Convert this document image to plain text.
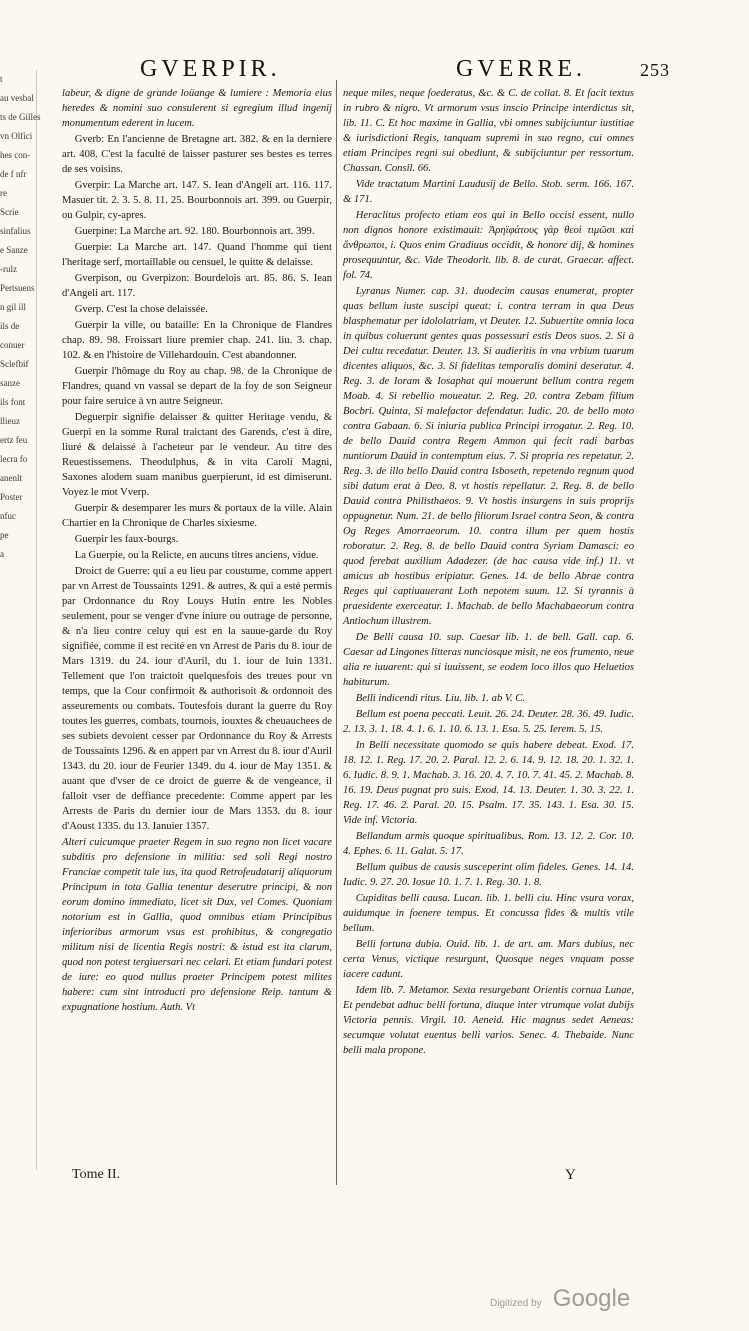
t
au vesbal
ts de Gilles
vn Olfici
hes con-
de f nfr
re
Scrie
sinfalius
e Sanze
-rulz
Pertsuens
n gil ill
ils de
conuer
Sclefbif
sanze
ils font
llieuz
ertz feu
lecra fo
anenlt
Poster
nfuc
pe
a
GVERPIR.	GVERRE.	253

labeur, & digne de grande loüange & lumiere : Memoria eius heredes & nomini suo consulerent si egregium illud ingenij monumentum ederent in lucem.

Gverb: En l'ancienne de Bretagne art. 382. & en la derniere art. 408. C'est la faculté de laisser pasturer ses bestes es terres de ses voisins.

Gverpir: La Marche art. 147. S. Iean d'Angeli art. 116. 117. Masuer tit. 2. 3. 5. 8. 11. 25. Bourbonnois art. 399. ou Guerpir, ou Gulpir, cy-apres.

Guerpine: La Marche art. 92. 180. Bourbonnois art. 399.

Guerpie: La Marche art. 147. Quand l'homme qui tient l'heritage serf, mortaillable ou censuel, le quitte & delaisse.

Gverpison, ou Gverpizon: Bourdelois art. 85. 86. S. Iean d'Angeli art. 117.

Gverp. C'est la chose delaissée.

Guerpir la ville, ou bataille: En la Chronique de Flandres chap. 89. 98. Froissart liure premier chap. 241. liu. 3. chap. 102. & en l'histoire de Villehardouin. C'est abandonner.

Guerpir l'hômage du Roy au chap. 98. de la Chronique de Flandres, quand vn vassal se depart de la foy de son Seigneur pour faire seruice à vn autre Seigneur.

Deguerpir signifie delaisser & quitter Heritage vendu, & Guerpi en la somme Rural traictant des Garends, c'est à dire, liuré & delaissé à l'acheteur par le vendeur. Au titre des Reuestissemens. Theodulphus, & in vita Caroli Magni, Saxones alodem suam manibus guerpierunt, id est dimiserunt. Voyez le mot Vverp.

Guerpir & desemparer les murs & portaux de la ville. Alain Chartier en la Chronique de Charles sixiesme.

Guerpir les faux-bourgs.

La Guerpie, ou la Relicte, en aucuns titres anciens, vidue.

Droict de Guerre: qui a eu lieu par coustume, comme appert par vn Arrest de Toussaints 1291. & autres, & qui a esté permis par Ordonnance du Roy Louys Hutin entre les Nobles seulement, pour se venger d'vne iniure ou outrage de personne, & n'a lieu contre celuy qui est en la sauue-garde du Roy signifiée, comme il est recité en vn Arrest de Paris du 8. iour de Mars 1319. du 24. iour d'Auril, du 1. iour de Iuin 1331. Tellement que l'on traictoit quelquesfois des treues pour vn temps, que la Cour confirmoit & authorisoit & ordonnoit des asseurements ou combats. Toutesfois durant la guerre du Roy toutes les guerres, combats, tournois, iouxtes & cheuauchees de ses subiets devoient cesser par Ordonnance du Roy & Arrests de Toussaints 1296. & en appert par vn Arrest du 8. iour d'Auril 1343. du 20. iour de Feurier 1349. du 4. iour de May 1351. & auant que d'vser de ce droict de guerre & de vengeance, il falloit vser de deffiance precedente: Comme appert par les Arrests de Paris du dernier iour de Mars 1353. du 8. iour d'Aoust 1335. du 13. Ianuier 1357.

Alteri cuicumque praeter Regem in suo regno non licet vacare subditis pro defensione in militia: sed soli Regi nostro Franciae competit tale ius, ita quod Retrofeudatarij aliquorum Principum in tota Gallia tenentur deserutre principi, & non eorum domino immediato, licet sit Dux, vel Comes. Quoniam notorium est in Gallia, quod omnibus etiam Principibus inferioribus armorum vsus est prohibitus, & congregatio militum nisi de licentia Regis nostri: & istud est ita clarum, quod non potest tergiuersari nec celari. Et etiam fundari potest de iure: eo quod nullus praeter Principem potest milites habere: cum sint introducti pro defensione Reip. tantum & expugnatione hostium. Auth. Vt

neque miles, neque foederatus, &c. & C. de collat. 8. Et facit textus in rubro & nigro. Vt armorum vsus inscio Principe interdictus sit, lib. 11. C. Et hoc maxime in Gallia, vbi omnes subijciuntur iustitiae & iurisdictioni Regis, tanquam supremi in suo regno, cui omnes etiam Principes regni sui obediunt, & subijciuntur per ressortum. Chassan. Consil. 66.

Vide tractatum Martini Laudusij de Bello. Stob. serm. 166. 167. & 171.

Heraclitus profecto etiam eos qui in Bello occisi essent, nullo non dignos honore existimauit: Ἀρηϊφάτους γὰρ θεοὶ τιμῶσι καὶ ἄνθρωποι, i. Quos enim Gradiuus occidit, & honore dij, & homines prosequuntur, &c. Vide Theodorit. lib. 8. de curat. Graecar. affect. fol. 74.

Lyranus Numer. cap. 31. duodecim causas enumerat, propter quas bellum iuste suscipi queat: i. contra terram in qua Deus blasphematur per idololatriam, vt Deuter. 12. Subuertite omnia loca in quibus coluerunt gentes quas possessuri estis Deos suos. 2. Si à Dei cultu recedatur. Deuter. 13. Si audieritis in vna vrbium tuarum dicentes aliquos, &c. 3. Si fidelitas temporalis domini deseratur. 4. Reg. 3. de Ioram & Iosaphat qui mouerunt bellum contra regem Moab. 4. Si rebellio moueatur. 2. Reg. 20. contra Zebam filium Bocbri. Quinta, Si malefactor defendatur. Iudic. 20. de bello moto contra Gabaan. 6. Si iniuria publica Principi irrogatur. 2. Reg. 10. de bello Dauid contra Regem Ammon qui fecit radi barbas nuntiorum Dauid in contemptum eius. 7. Si propria res repetatur. 2. Reg. 3. de illo bello Dauid contra Isboseth, repetendo regnum quod sibi datum erat à Deo. 8. vt hostis repellatur. 2. Reg. 8. de bello Dauid contra Philisthaeos. 9. Vt hostis insurgens in suis proprijs oppugnetur. Num. 21. de bello filiorum Israel contra Seon, & contra Og Reges Amorraeorum. 10. contra illum per quem hostis roboratur. 2. Reg. 8. de bello Dauid contra Syriam Damasci: eo quod ferebat auxilium Adadezer. (de hac causa vide inf.) 11. vt amicus ab hostibus eripiatur. Genes. 14. de bello Abrae contra Reges qui captiuauerant Loth nepotem suum. 12. Si tyrannis à praesidente exerceatur. 1. Machab. de bello Machabaeorum contra Antiochum illustrem.

De Belli causa 10. sup. Caesar lib. 1. de bell. Gall. cap. 6. Caesar ad Lingones litteras nunciosque misit, ne eos frumento, neue alia re iuuarent: qui si iuuissent, se eodem loco illos quo Heluetios habiturum.

Belli indicendi ritus. Liu. lib. 1. ab V. C.

Bellum est poena peccati. Leuit. 26. 24. Deuter. 28. 36. 49. Iudic. 2. 13. 3. 1. 18. 4. 1. 6. 1. 10. 6. 13. 1. Esa. 5. 25. Ierem. 5. 15.

In Belli necessitate quomodo se quis habere debeat. Exod. 17. 18. 12. 1. Reg. 17. 20. 2. Paral. 12. 2. 6. 14. 9. 12. 18. 20. 1. 32. 1. 6. Iudic. 8. 9. 1. Machab. 3. 16. 20. 4. 7. 10. 7. 41. 45. 2. Machab. 8. 16. 19. Deus pugnat pro suis. Exod. 14. 13. Deuter. 1. 30. 3. 22. 1. Reg. 17. 46. 2. Paral. 20. 15. Psalm. 17. 35. 143. 1. Esa. 30. 15. Vide inf. Victoria.

Bellandum armis quoque spiritualibus. Rom. 13. 12. 2. Cor. 10. 4. Ephes. 6. 11. Galat. 5. 17.

Bellum quibus de causis susceperint olim fideles. Genes. 14. 14. Iudic. 9. 27. 20. Iosue 10. 1. 7. 1. Reg. 30. 1. 8.

Cupiditas belli causa. Lucan. lib. 1. belli ciu. Hinc vsura vorax, auidumque in foenere tempus. Et concussa fides & multis vtile bellum.

Belli fortuna dubia. Ouid. lib. 1. de art. am. Mars dubius, nec certa Venus, victique resurgunt, Quosque neges vnquam posse iacere cadunt.

Idem lib. 7. Metamor. Sexta resurgebant Orientis cornua Lunae, Et pendebat adhuc belli fortuna, diuque inter vtrumque volat dubijs Victoria pennis. Virgil. 10. Aeneid. Hic magnus sedet Aeneas: secumque volutat euentus belli varios. Senec. 4. Thebaide. Nunc belli mala propone.

Tome II.	Y
Digitized by Google
